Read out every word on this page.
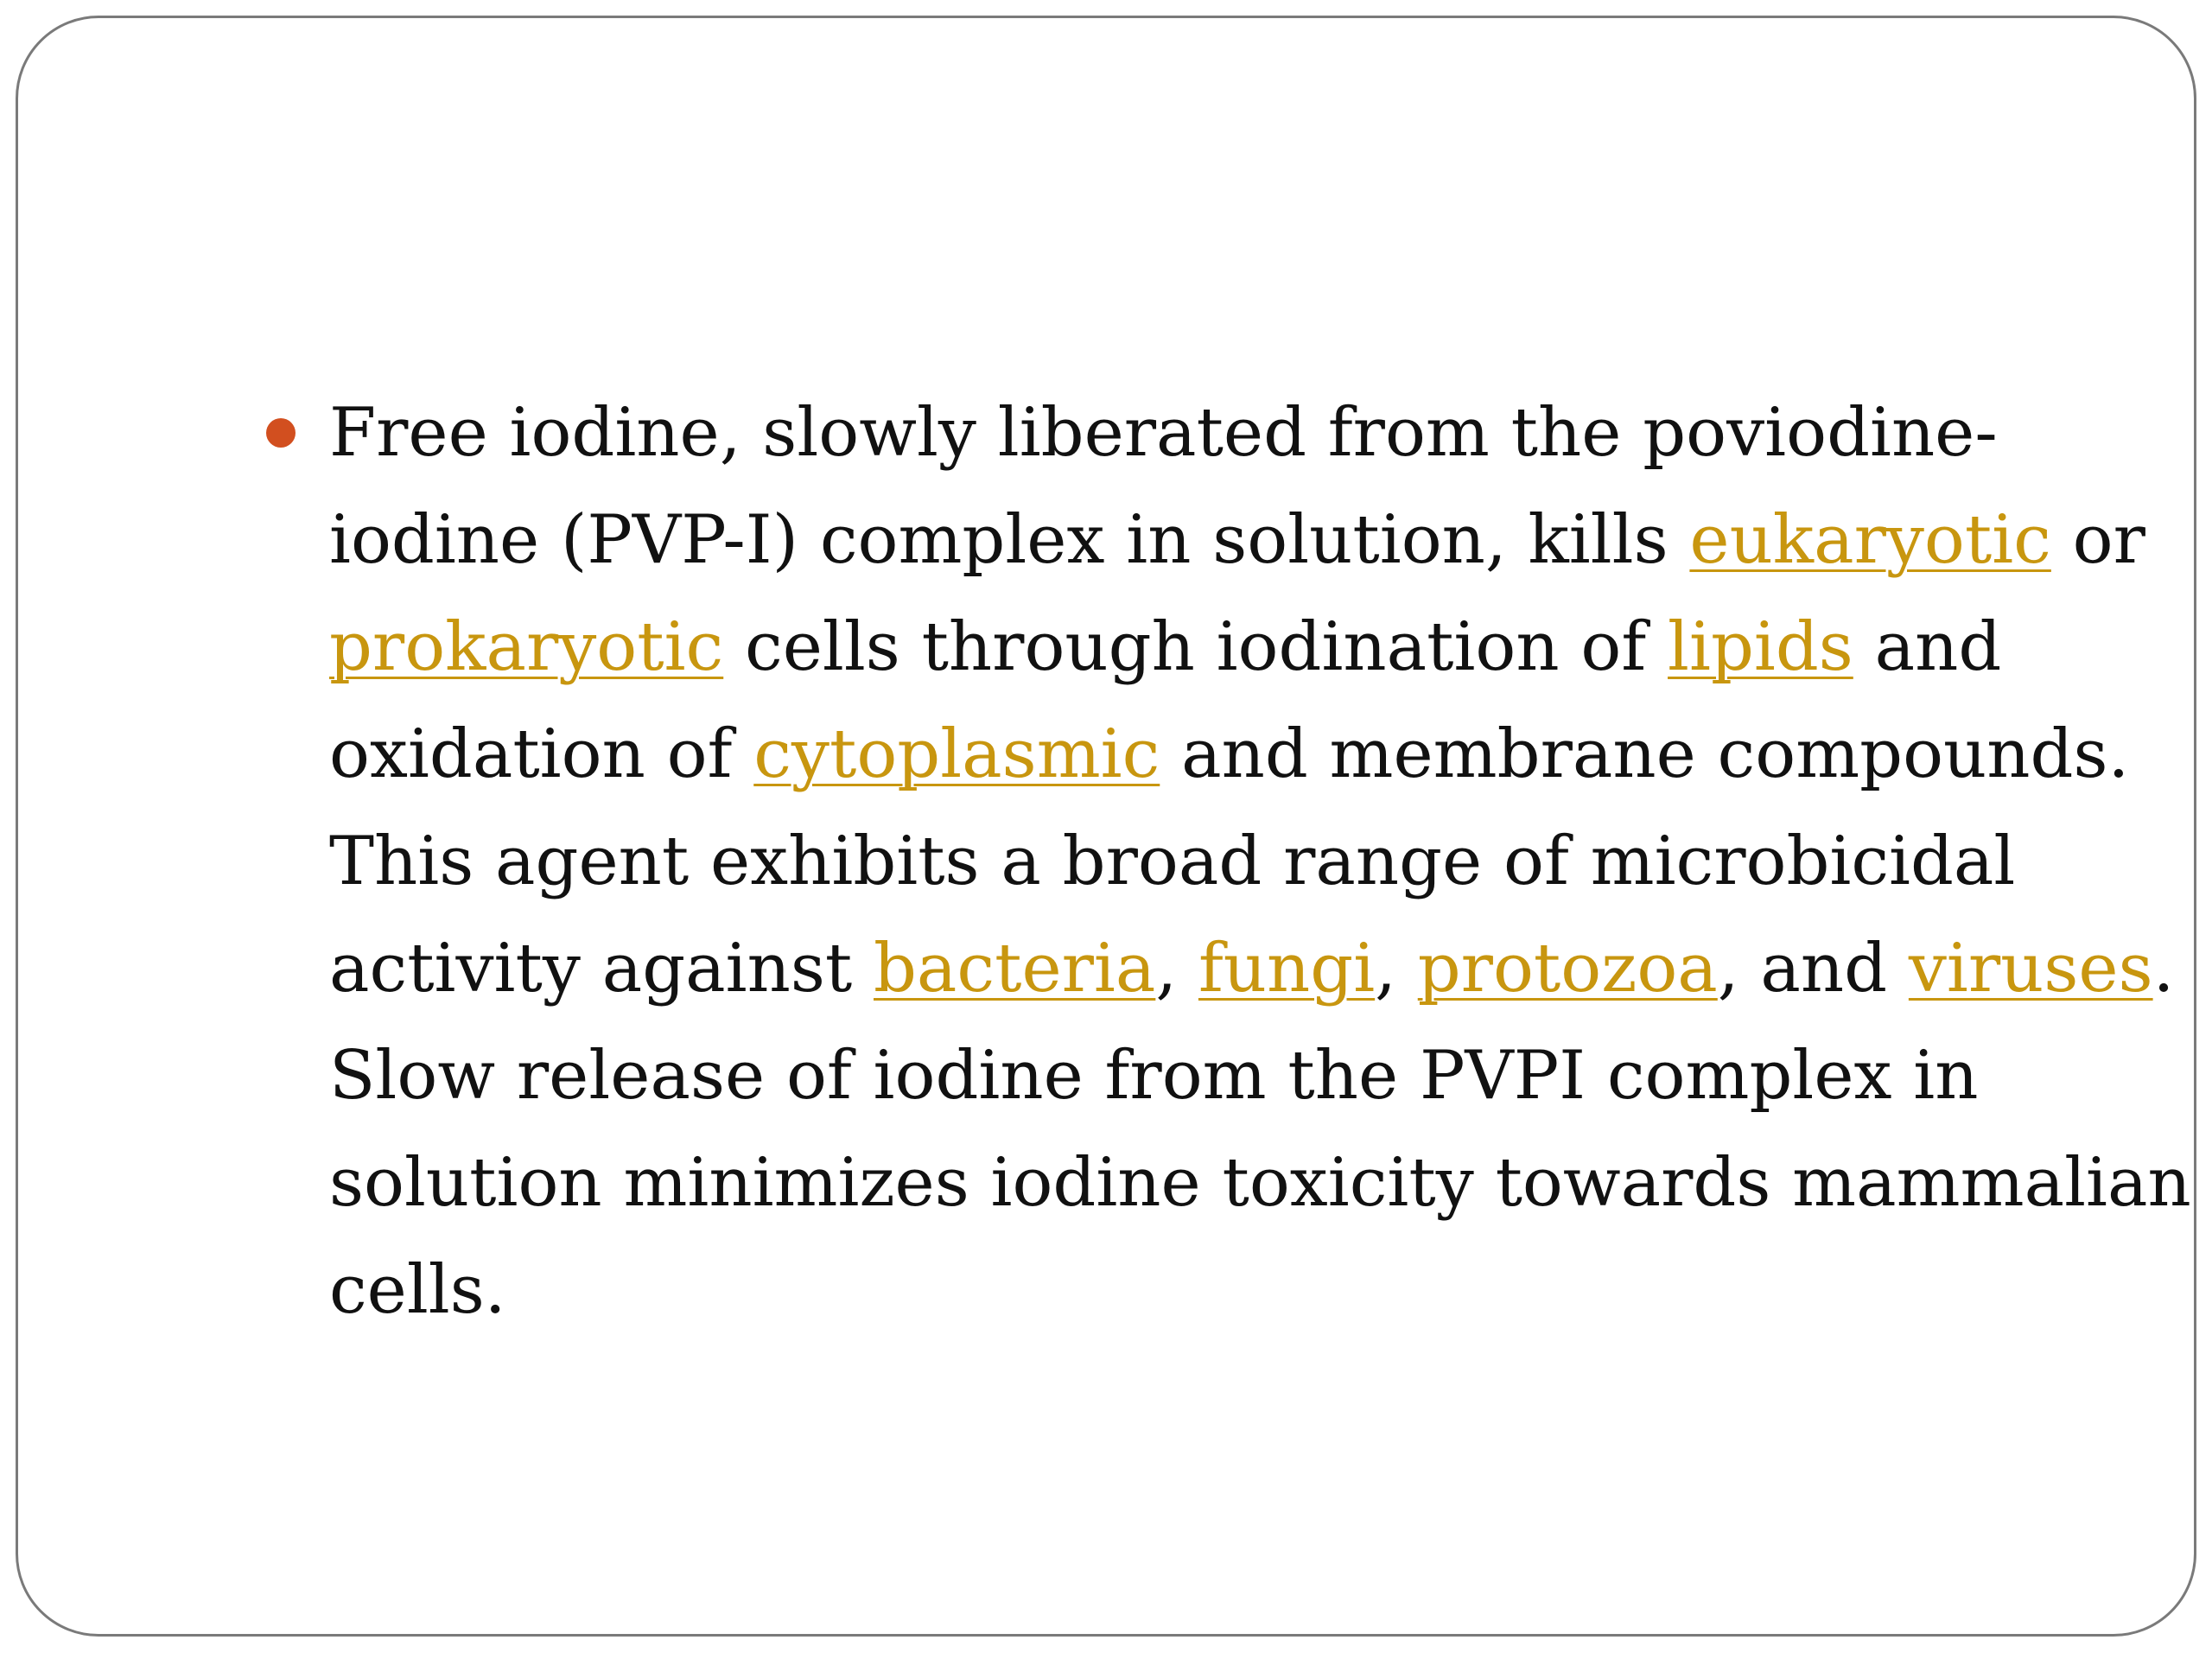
Free iodine, slowly liberated from the poviodine-
iodine (PVP-I) complex in solution, kills eukaryotic or
prokaryotic cells through iodination of lipids and
oxidation of cytoplasmic and membrane compounds.
This agent exhibits a broad range of microbicidal
activity against bacteria, fungi, protozoa, and viruses.
Slow release of iodine from the PVPI complex in
solution minimizes iodine toxicity towards mammalian
cells.
